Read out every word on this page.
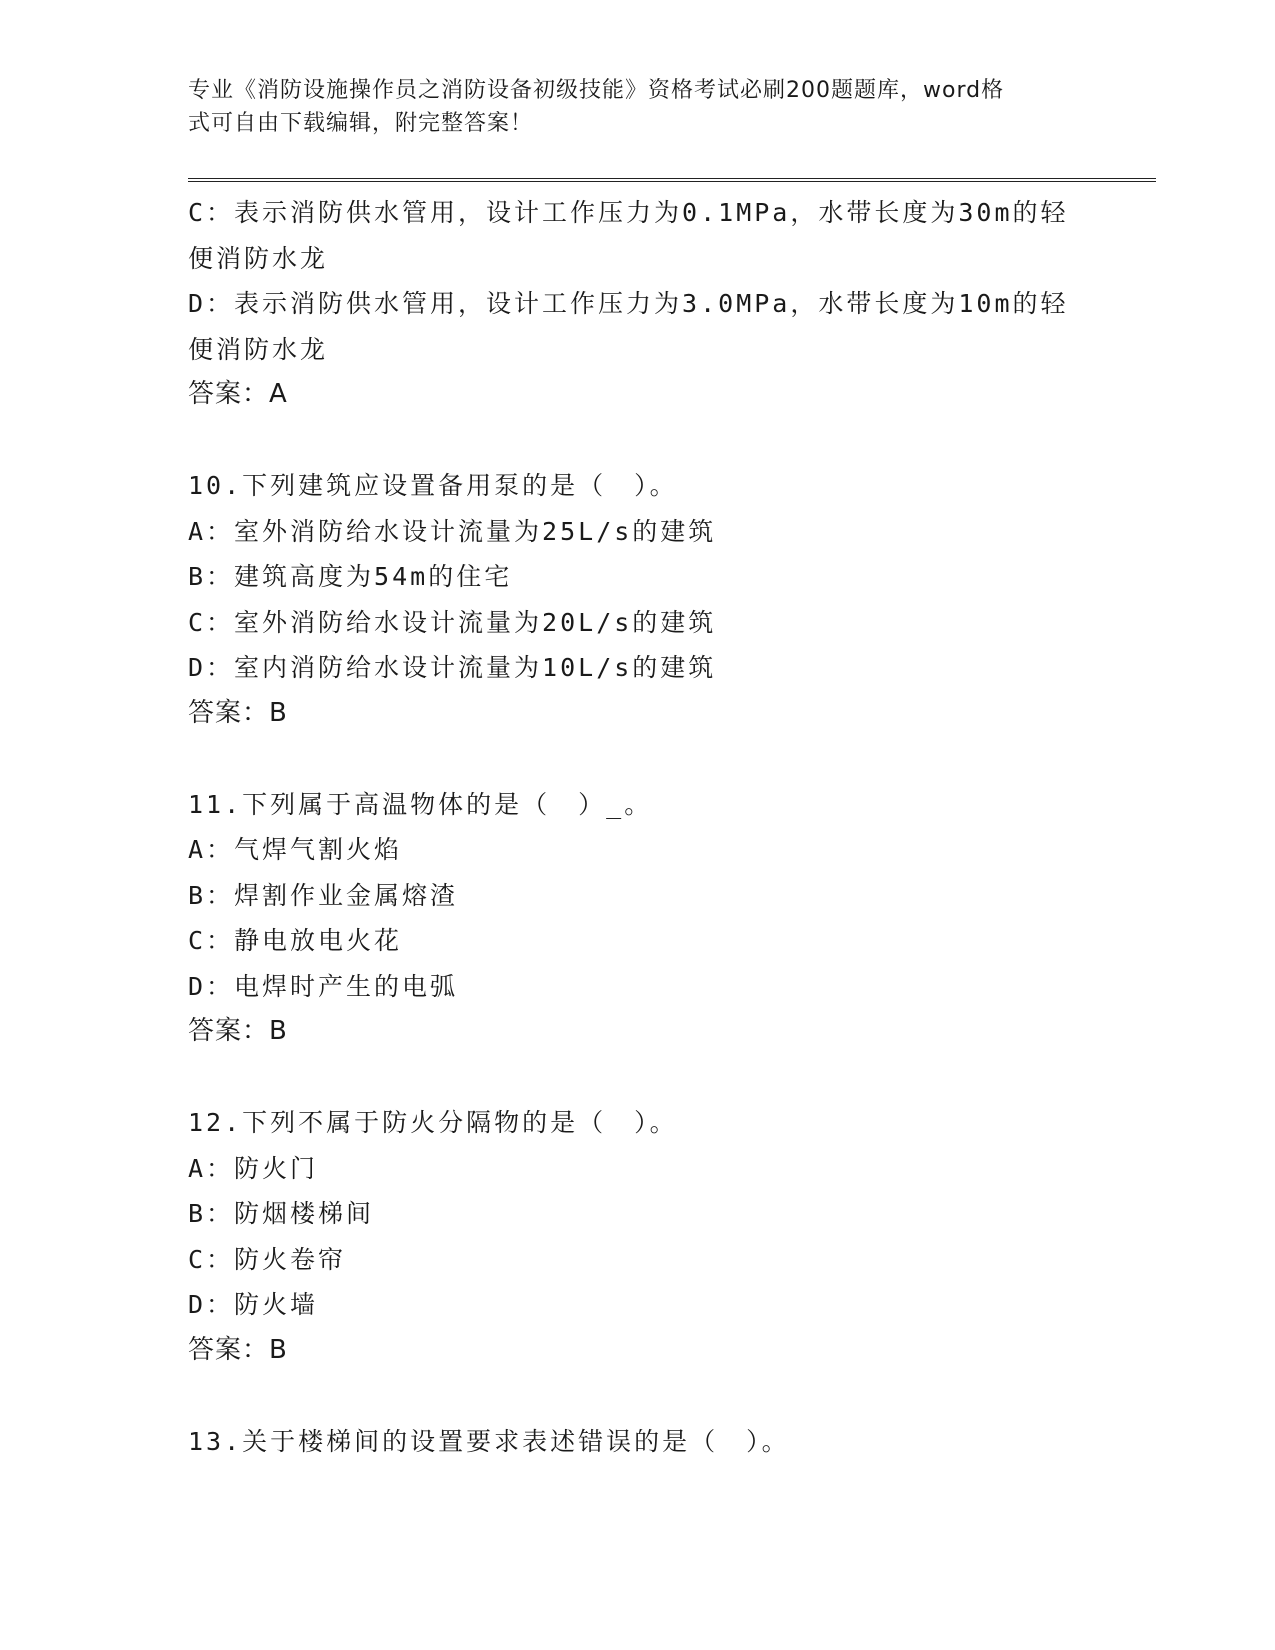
专业《消防设施操作员之消防设备初级技能》资格考试必刷200题题库，word格
式可自由下载编辑，附完整答案！
C：表示消防供水管用，设计工作压力为0.1MPa，水带长度为30m的轻
便消防水龙
D：表示消防供水管用，设计工作压力为3.0MPa，水带长度为10m的轻
便消防水龙
答案：A
10.下列建筑应设置备用泵的是（　）。
A：室外消防给水设计流量为25L/s的建筑
B：建筑高度为54m的住宅
C：室外消防给水设计流量为20L/s的建筑
D：室内消防给水设计流量为10L/s的建筑
答案：B
11.下列属于高温物体的是（　）_。
A：气焊气割火焰
B：焊割作业金属熔渣
C：静电放电火花
D：电焊时产生的电弧
答案：B
12.下列不属于防火分隔物的是（　）。
A：防火门
B：防烟楼梯间
C：防火卷帘
D：防火墙
答案：B
13.关于楼梯间的设置要求表述错误的是（　）。
